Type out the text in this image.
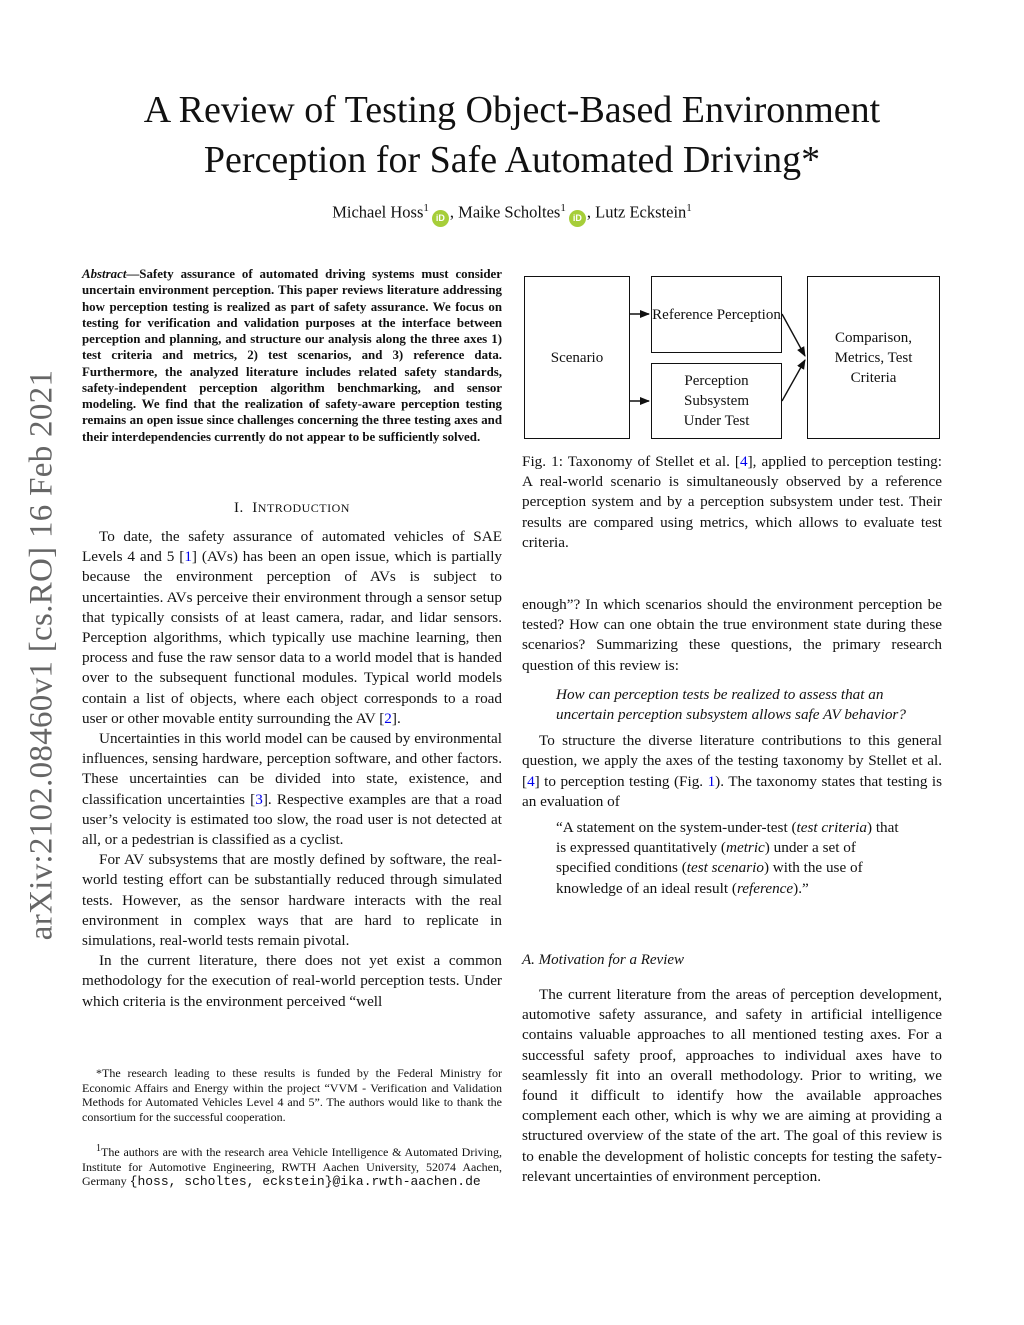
A Review of Testing Object-Based Environment
Perception for Safe Automated Driving*
Michael Hoss$^1$iD , Maike Scholtes$^1$iD , Lutz Eckstein$^1$
arXiv:2102.08460v1 [cs.RO] 16 Feb 2021
Abstract—Safety assurance of automated driving systems must consider uncertain environment perception. This paper reviews literature addressing how perception testing is realized as part of safety assurance. We focus on testing for verification and validation purposes at the interface between perception and planning, and structure our analysis along the three axes 1) test criteria and metrics, 2) test scenarios, and 3) reference data. Furthermore, the analyzed literature includes related safety standards, safety-independent perception algorithm benchmarking, and sensor modeling. We find that the realization of safety-aware perception testing remains an open issue since challenges concerning the three testing axes and their interdependencies currently do not appear to be sufficiently solved.
I. INTRODUCTION

To date, the safety assurance of automated vehicles of SAE Levels 4 and 5 [1] (AVs) has been an open issue, which is partially because the environment perception of AVs is subject to uncertainties. AVs perceive their environment through a sensor setup that typically consists of at least camera, radar, and lidar sensors. Perception algorithms, which typically use machine learning, then process and fuse the raw sensor data to a world model that is handed over to the subsequent functional modules. Typical world models contain a list of objects, where each object corresponds to a road user or other movable entity surrounding the AV [2].

Uncertainties in this world model can be caused by environmental influences, sensing hardware, perception software, and other factors. These uncertainties can be divided into state, existence, and classification uncertainties [3]. Respective examples are that a road user’s velocity is estimated too slow, the road user is not detected at all, or a pedestrian is classified as a cyclist.

For AV subsystems that are mostly defined by software, the real-world testing effort can be substantially reduced through simulated tests. However, as the sensor hardware interacts with the real environment in complex ways that are hard to replicate in simulations, real-world tests remain pivotal.

In the current literature, there does not yet exist a common methodology for the execution of real-world perception tests. Under which criteria is the environment perceived “well

*The research leading to these results is funded by the Federal Ministry for Economic Affairs and Energy within the project “VVM - Verification and Validation Methods for Automated Vehicles Level 4 and 5”. The authors would like to thank the consortium for the successful cooperation.

$^1$The authors are with the research area Vehicle Intelligence & Automated Driving, Institute for Automotive Engineering, RWTH Aachen University, 52074 Aachen, Germany {hoss, scholtes, eckstein}@ika.rwth-aachen.de

Scenario
Reference Perception
Perception Subsystem Under Test
Comparison, Metrics, Test Criteria

Fig. 1: Taxonomy of Stellet et al. [4], applied to perception testing: A real-world scenario is simultaneously observed by a reference perception system and by a perception subsystem under test. Their results are compared using metrics, which allows to evaluate test criteria.

enough”? In which scenarios should the environment perception be tested? How can one obtain the true environment state during these scenarios? Summarizing these questions, the primary research question of this review is:

How can perception tests be realized to assess that an uncertain perception subsystem allows safe AV behavior?

To structure the diverse literature contributions to this general question, we apply the axes of the testing taxonomy by Stellet et al. [4] to perception testing (Fig. 1). The taxonomy states that testing is an evaluation of

“A statement on the system-under-test (test criteria) that is expressed quantitatively (metric) under a set of specified conditions (test scenario) with the use of knowledge of an ideal result (reference).”
A. Motivation for a Review

The current literature from the areas of perception development, automotive safety assurance, and safety in artificial intelligence contains valuable approaches to all mentioned testing axes. For a successful safety proof, approaches to individual axes have to seamlessly fit into an overall methodology. Prior to writing, we found it difficult to identify how the available approaches complement each other, which is why we are aiming at providing a structured overview of the state of the art. The goal of this review is to enable the development of holistic concepts for testing the safety-relevant uncertainties of environment perception.
